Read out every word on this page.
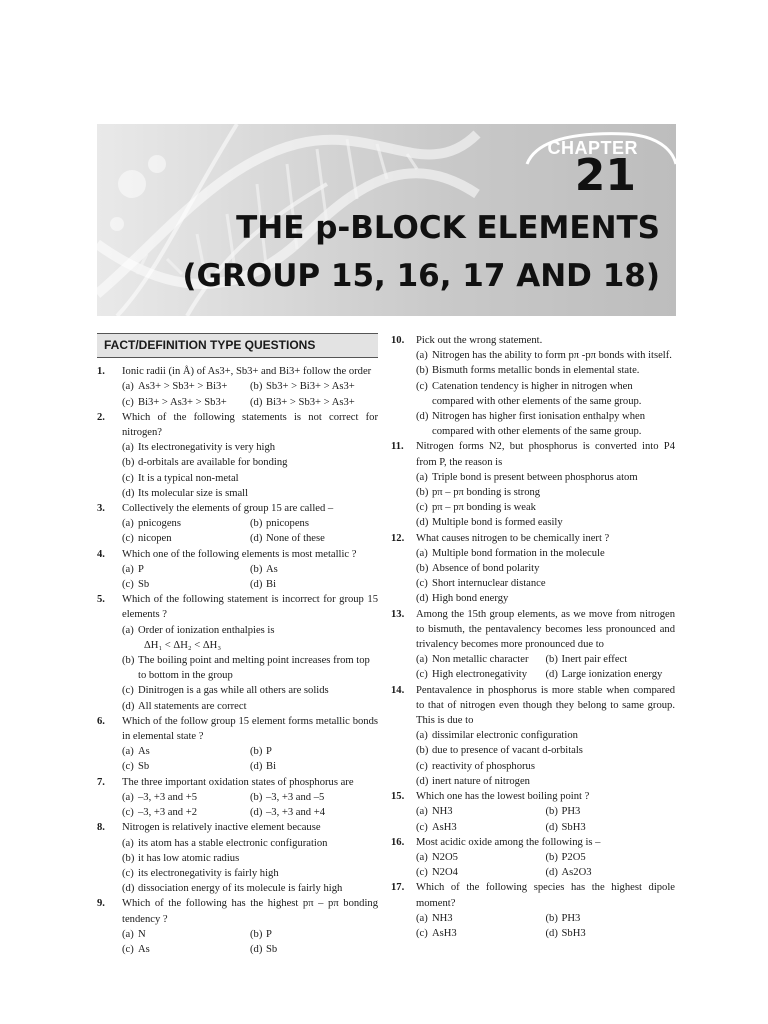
CHAPTER
21
THE p-BLOCK ELEMENTS
(GROUP 15, 16, 17 AND 18)
FACT/DEFINITION TYPE QUESTIONS
1.	Ionic radii (in Å) of As3+, Sb3+ and Bi3+ follow the order
(a) As3+ > Sb3+ > Bi3+ (b) Sb3+ > Bi3+ > As3+
(c) Bi3+ > As3+ > Sb3+ (d) Bi3+ > Sb3+ > As3+
2.	Which of the following statements is not correct for nitrogen?
(a) Its electronegativity is very high
(b) d-orbitals are available for bonding
(c) It is a typical non-metal
(d) Its molecular size is small
3.	Collectively the elements of group 15 are called –
(a) pnicogens	(b) pnicopens
(c) nicopen	(d) None of these
4.	Which one of the following elements is most metallic ?
(a) P	(b) As
(c) Sb	(d) Bi
5.	Which of the following statement is incorrect for group 15 elements ?
(a) Order of ionization enthalpies is
ΔH₁ < ΔH₂ < ΔH₃
(b) The boiling point and melting point increases from top to bottom in the group
(c) Dinitrogen is a gas while all others are solids
(d) All statements are correct
6.	Which of the follow group 15 element forms metallic bonds in elemental state ?
(a) As	(b) P
(c) Sb	(d) Bi
7.	The three important oxidation states of phosphorus are
(a) –3, +3 and +5	(b) –3, +3 and –5
(c) –3, +3 and +2	(d) –3, +3 and +4
8.	Nitrogen is relatively inactive element because
(a) its atom has a stable electronic configuration
(b) it has low atomic radius
(c) its electronegativity is fairly high
(d) dissociation energy of its molecule is fairly high
9.	Which of the following has the highest pπ – pπ bonding tendency ?
(a) N	(b) P
(c) As	(d) Sb
10.	Pick out the wrong statement.
(a) Nitrogen has the ability to form pπ -pπ bonds with itself.
(b) Bismuth forms metallic bonds in elemental state.
(c) Catenation tendency is higher in nitrogen when compared with other elements of the same group.
(d) Nitrogen has higher first ionisation enthalpy when compared with other elements of the same group.
11.	Nitrogen forms N2, but phosphorus is converted into P4 from P, the reason is
(a) Triple bond is present between phosphorus atom
(b) pπ – pπ bonding is strong
(c) pπ – pπ bonding is weak
(d) Multiple bond is formed easily
12.	What causes nitrogen to be chemically inert ?
(a) Multiple bond formation in the molecule
(b) Absence of bond polarity
(c) Short internuclear distance
(d) High bond energy
13.	Among the 15th group elements, as we move from nitrogen to bismuth, the pentavalency becomes less pronounced and trivalency becomes more pronounced due to
(a) Non metallic character (b) Inert pair effect
(c) High electronegativity (d) Large ionization energy
14.	Pentavalence in phosphorus is more stable when compared to that of nitrogen even though they belong to same group. This is due to
(a) dissimilar electronic configuration
(b) due to presence of vacant d-orbitals
(c) reactivity of phosphorus
(d) inert nature of nitrogen
15.	Which one has the lowest boiling point ?
(a) NH3	(b) PH3
(c) AsH3	(d) SbH3
16.	Most acidic oxide among the following is –
(a) N2O5	(b) P2O5
(c) N2O4	(d) As2O3
17.	Which of the following species has the highest dipole moment?
(a) NH3	(b) PH3
(c) AsH3	(d) SbH3
